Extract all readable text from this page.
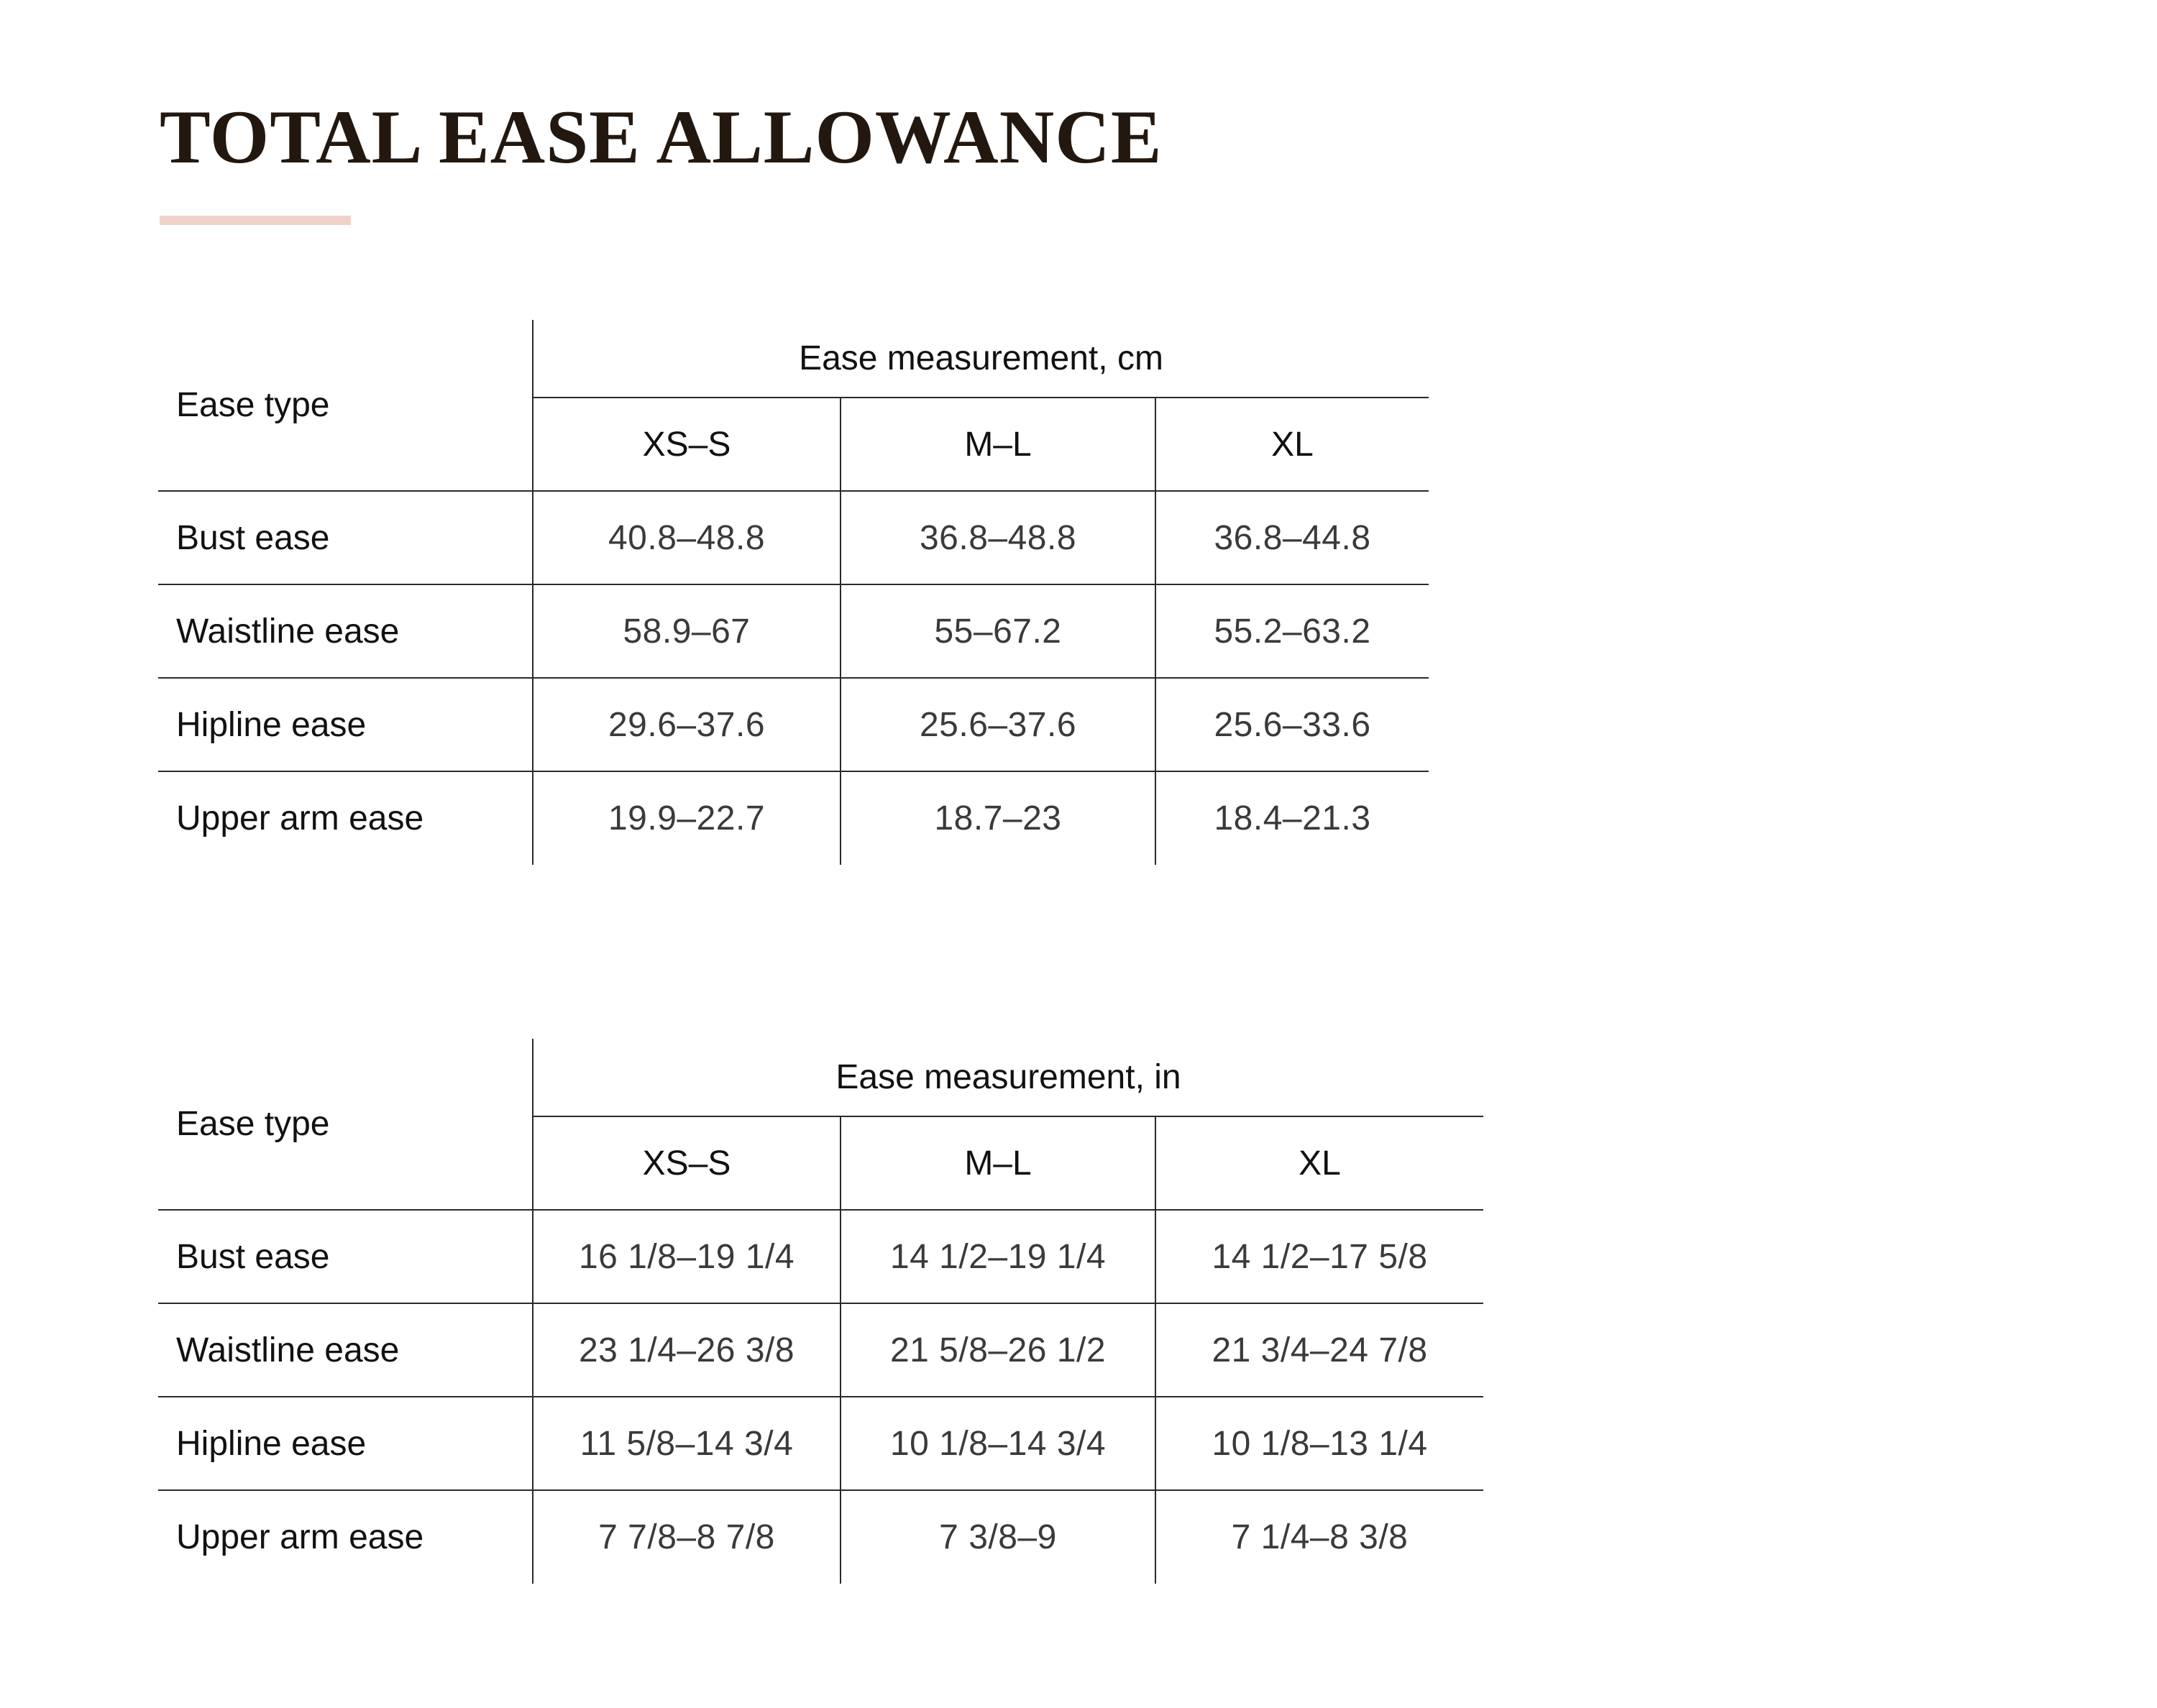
TOTAL EASE ALLOWANCE
Ease type	Ease measurement, cm		
	XS–S	M–L	XL
Bust ease	40.8–48.8	36.8–48.8	36.8–44.8
Waistline ease	58.9–67	55–67.2	55.2–63.2
Hipline ease	29.6–37.6	25.6–37.6	25.6–33.6
Upper arm ease	19.9–22.7	18.7–23	18.4–21.3
Ease type	Ease measurement, in		
	XS–S	M–L	XL
Bust ease	16 1/8–19 1/4	14 1/2–19 1/4	14 1/2–17 5/8
Waistline ease	23 1/4–26 3/8	21 5/8–26 1/2	21 3/4–24 7/8
Hipline ease	11 5/8–14 3/4	10 1/8–14 3/4	10 1/8–13 1/4
Upper arm ease	7 7/8–8 7/8	7 3/8–9	7 1/4–8 3/8
